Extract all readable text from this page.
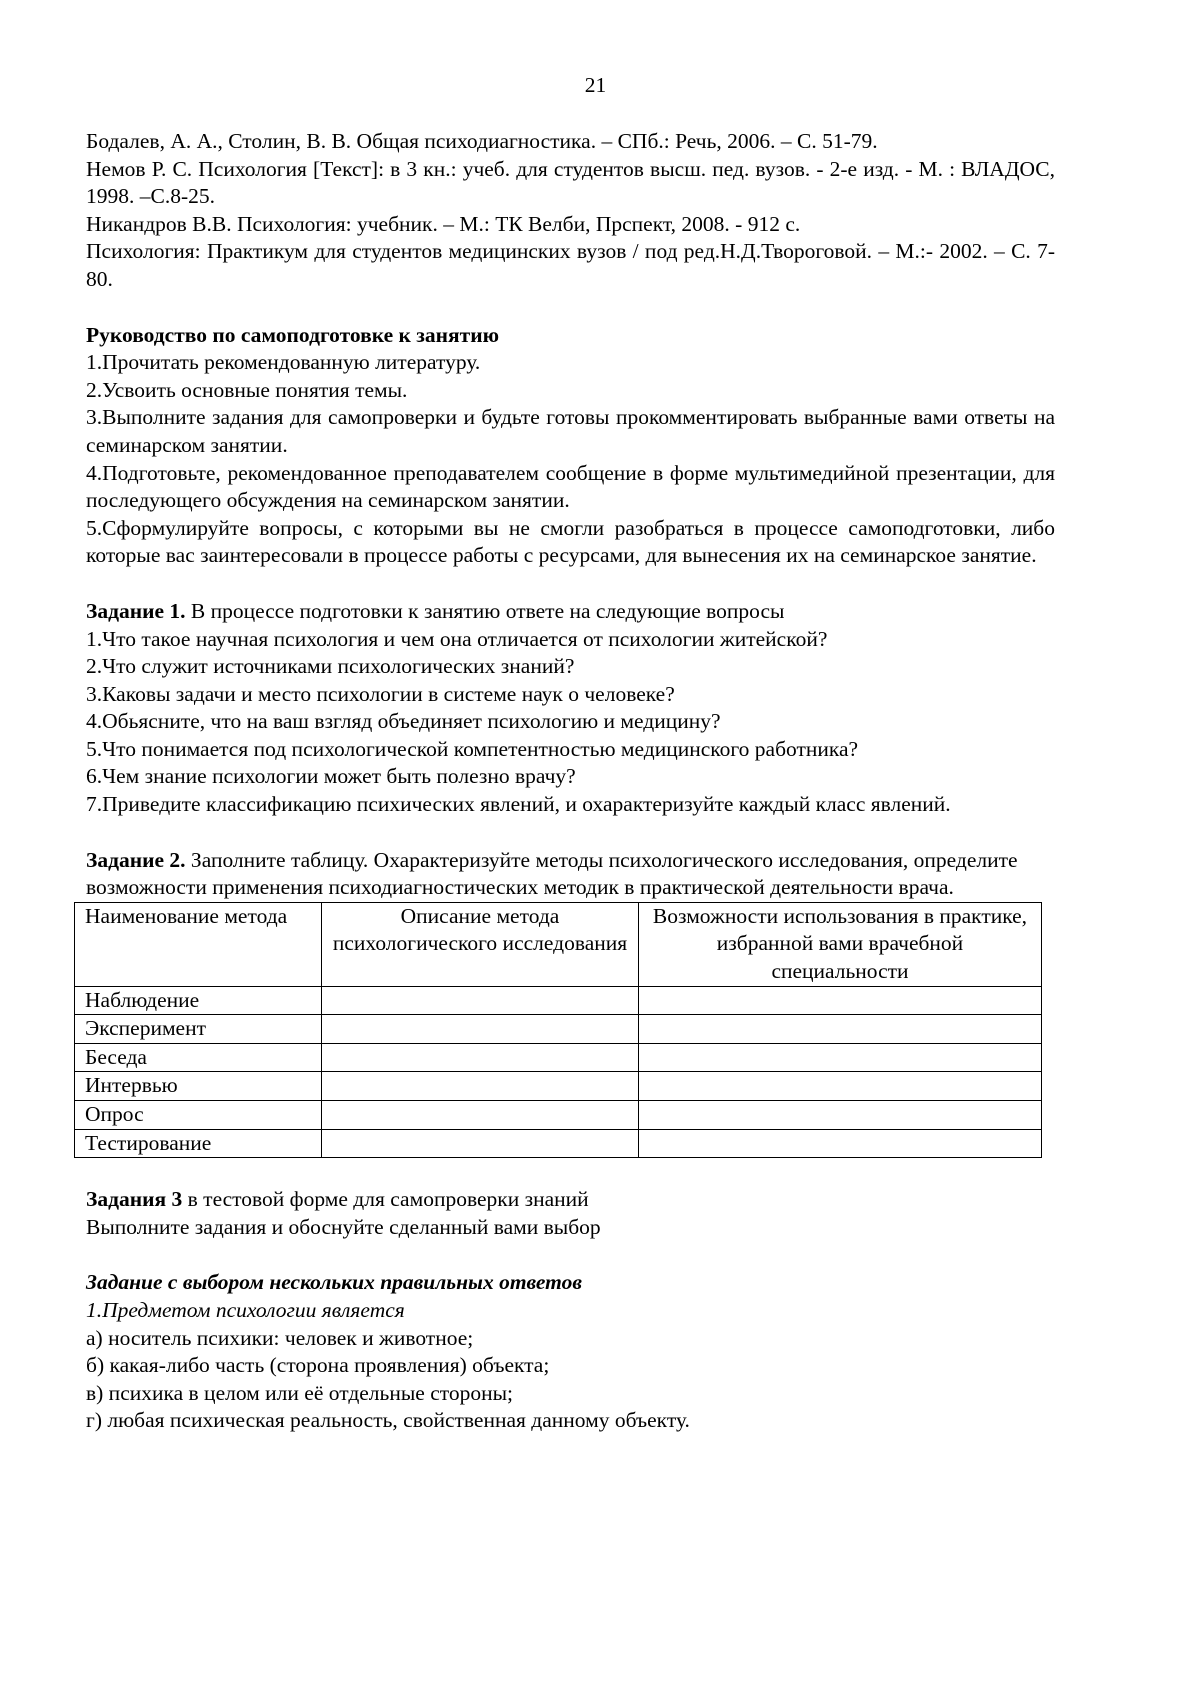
21

Бодалев, А. А., Столин, В. В. Общая психодиагностика. – СПб.: Речь, 2006. – С. 51-79.

Немов Р. С. Психология [Текст]: в 3 кн.: учеб. для студентов высш. пед. вузов. - 2-е изд. - М. : ВЛАДОС, 1998. –С.8-25.

Никандров В.В. Психология: учебник. – М.: ТК Велби, Прспект, 2008. - 912 с.

Психология: Практикум для студентов медицинских вузов / под ред.Н.Д.Твороговой. – М.:- 2002. – С. 7-80.

Руководство по самоподготовке к занятию

1.Прочитать рекомендованную литературу.

2.Усвоить основные понятия темы.

3.Выполните задания для самопроверки и будьте готовы прокомментировать выбранные вами ответы на семинарском занятии.

4.Подготовьте, рекомендованное преподавателем сообщение в форме мультимедийной презентации, для последующего обсуждения на семинарском занятии.

5.Сформулируйте вопросы, с которыми вы не смогли разобраться в процессе самоподготовки, либо которые вас заинтересовали в процессе работы с ресурсами, для вынесения их на семинарское занятие.

Задание 1. В процессе подготовки к занятию ответе на следующие вопросы

1.Что такое научная психология и чем она отличается от психологии житейской?

2.Что служит источниками психологических знаний?

3.Каковы задачи и место психологии в системе наук о человеке?

4.Обьясните, что на ваш взгляд объединяет психологию и медицину?

5.Что понимается под психологической компетентностью медицинского работника?

6.Чем знание психологии может быть полезно врачу?

7.Приведите классификацию психических явлений, и охарактеризуйте каждый класс явлений.

Задание 2. Заполните таблицу. Охарактеризуйте методы психологического исследования, определите возможности применения психодиагностических методик в практической деятельности врача.

Наименование метода	Описание метода психологического исследования	Возможности использования в практике, избранной вами врачебной специальности
Наблюдение		
Эксперимент		
Беседа		
Интервью		
Опрос		
Тестирование		

Задания 3 в тестовой форме для самопроверки знаний

Выполните задания и обоснуйте сделанный вами выбор

Задание с выбором нескольких правильных ответов

1.Предметом психологии является

а) носитель психики: человек и животное;

б) какая-либо часть (сторона проявления) объекта;

в) психика в целом или её отдельные стороны;

г) любая психическая реальность, свойственная данному объекту.
